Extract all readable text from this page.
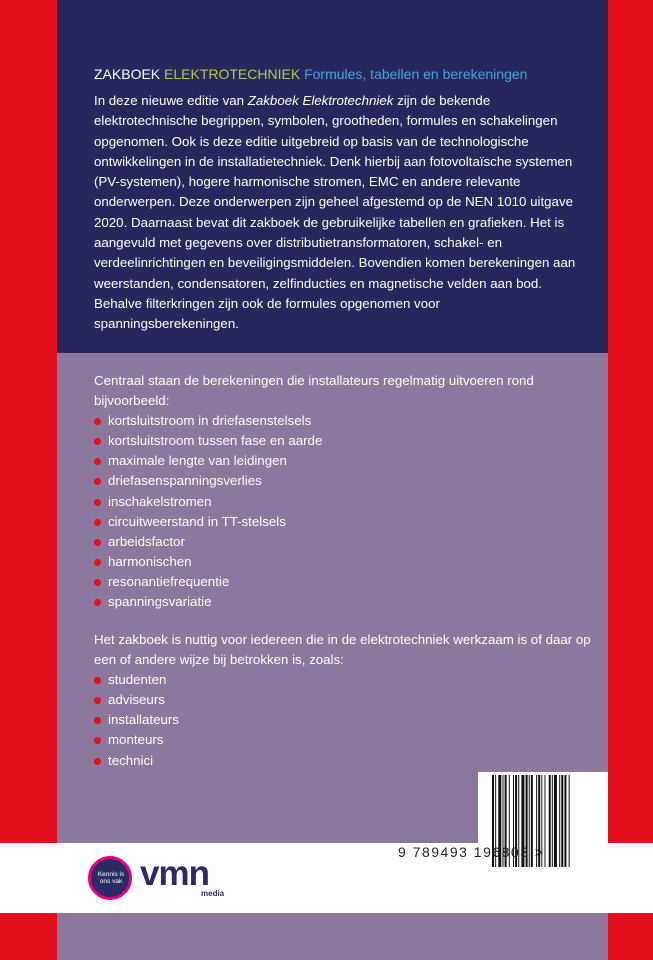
ZAKBOEK ELEKTROTECHNIEK Formules, tabellen en berekeningen
In deze nieuwe editie van Zakboek Elektrotechniek zijn de bekende elektrotechnische begrippen, symbolen, grootheden, formules en schakelingen opgenomen. Ook is deze editie uitgebreid op basis van de technologische ontwikkelingen in de installatietechniek. Denk hierbij aan fotovoltaïsche systemen (PV-systemen), hogere harmonische stromen, EMC en andere relevante onderwerpen. Deze onderwerpen zijn geheel afgestemd op de NEN 1010 uitgave 2020. Daarnaast bevat dit zakboek de gebruikelijke tabellen en grafieken. Het is aangevuld met gegevens over distributietransformatoren, schakel- en verdeelinrichtingen en beveiligingsmiddelen. Bovendien komen berekeningen aan weerstanden, condensatoren, zelfinducties en magnetische velden aan bod. Behalve filterkringen zijn ook de formules opgenomen voor spanningsberekeningen.
Centraal staan de berekeningen die installateurs regelmatig uitvoeren rond bijvoorbeeld:
kortsluitstroom in driefasenstelsels
kortsluitstroom tussen fase en aarde
maximale lengte van leidingen
driefasenspanningsverlies
inschakelstromen
circuitweerstand in TT-stelsels
arbeidsfactor
harmonischen
resonantiefrequentie
spanningsvariatie
Het zakboek is nuttig voor iedereen die in de elektrotechniek werkzaam is of daar op een of andere wijze bij betrokken is, zoals:
studenten
adviseurs
installateurs
monteurs
technici
Kennis is ons vak vmn
media
9 789493 196803 >
